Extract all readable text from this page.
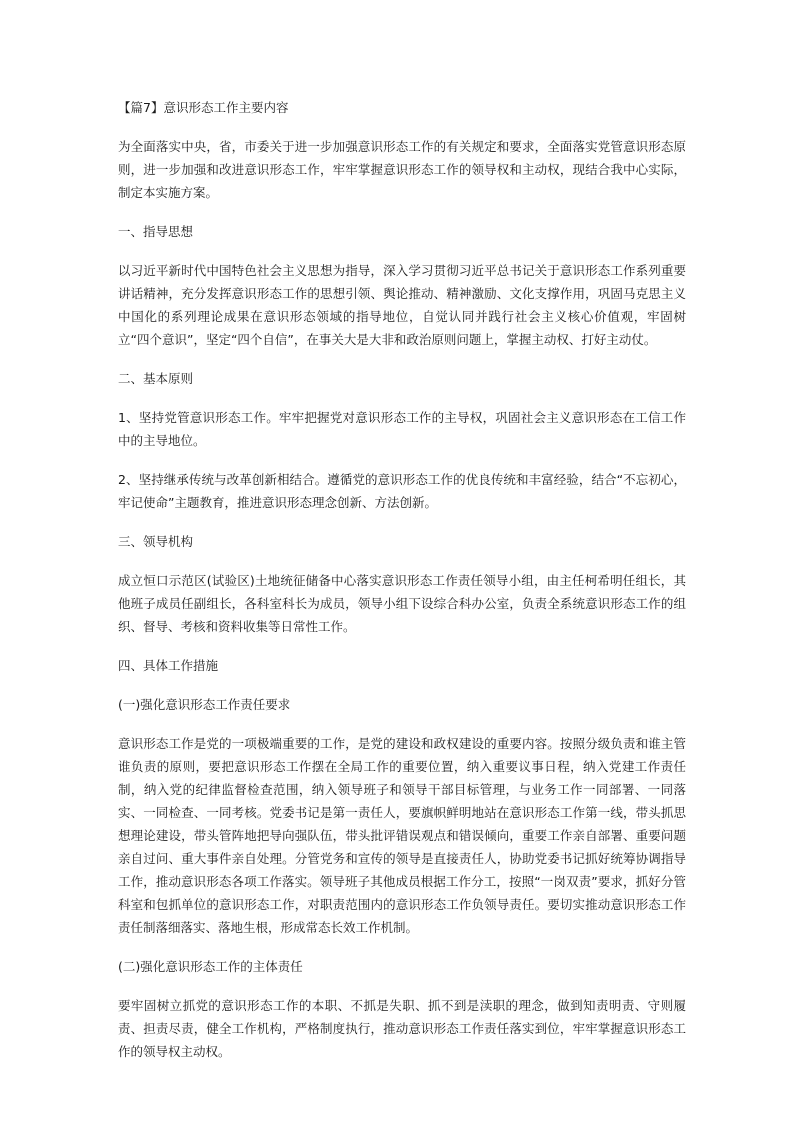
【篇7】意识形态工作主要内容

为全面落实中央，省，市委关于进一步加强意识形态工作的有关规定和要求，全面落实党管意识形态原则，进一步加强和改进意识形态工作，牢牢掌握意识形态工作的领导权和主动权，现结合我中心实际，制定本实施方案。

一、指导思想

以习近平新时代中国特色社会主义思想为指导，深入学习贯彻习近平总书记关于意识形态工作系列重要讲话精神，充分发挥意识形态工作的思想引领、舆论推动、精神激励、文化支撑作用，巩固马克思主义中国化的系列理论成果在意识形态领域的指导地位，自觉认同并践行社会主义核心价值观，牢固树立“四个意识”，坚定“四个自信”，在事关大是大非和政治原则问题上，掌握主动权、打好主动仗。

二、基本原则

1、坚持党管意识形态工作。牢牢把握党对意识形态工作的主导权，巩固社会主义意识形态在工信工作中的主导地位。

2、坚持继承传统与改革创新相结合。遵循党的意识形态工作的优良传统和丰富经验，结合“不忘初心，牢记使命”主题教育，推进意识形态理念创新、方法创新。

三、领导机构

成立恒口示范区(试验区)土地统征储备中心落实意识形态工作责任领导小组，由主任柯希明任组长，其他班子成员任副组长，各科室科长为成员，领导小组下设综合科办公室，负责全系统意识形态工作的组织、督导、考核和资料收集等日常性工作。

四、具体工作措施

(一)强化意识形态工作责任要求

意识形态工作是党的一项极端重要的工作，是党的建设和政权建设的重要内容。按照分级负责和谁主管谁负责的原则，要把意识形态工作摆在全局工作的重要位置，纳入重要议事日程，纳入党建工作责任制，纳入党的纪律监督检查范围，纳入领导班子和领导干部目标管理，与业务工作一同部署、一同落实、一同检查、一同考核。党委书记是第一责任人，要旗帜鲜明地站在意识形态工作第一线，带头抓思想理论建设，带头管阵地把导向强队伍，带头批评错误观点和错误倾向，重要工作亲自部署、重要问题亲自过问、重大事件亲自处理。分管党务和宣传的领导是直接责任人，协助党委书记抓好统筹协调指导工作，推动意识形态各项工作落实。领导班子其他成员根据工作分工，按照“一岗双责”要求，抓好分管科室和包抓单位的意识形态工作，对职责范围内的意识形态工作负领导责任。要切实推动意识形态工作责任制落细落实、落地生根，形成常态长效工作机制。

(二)强化意识形态工作的主体责任

要牢固树立抓党的意识形态工作的本职、不抓是失职、抓不到是渎职的理念，做到知责明责、守则履责、担责尽责，健全工作机构，严格制度执行，推动意识形态工作责任落实到位，牢牢掌握意识形态工作的领导权主动权。
